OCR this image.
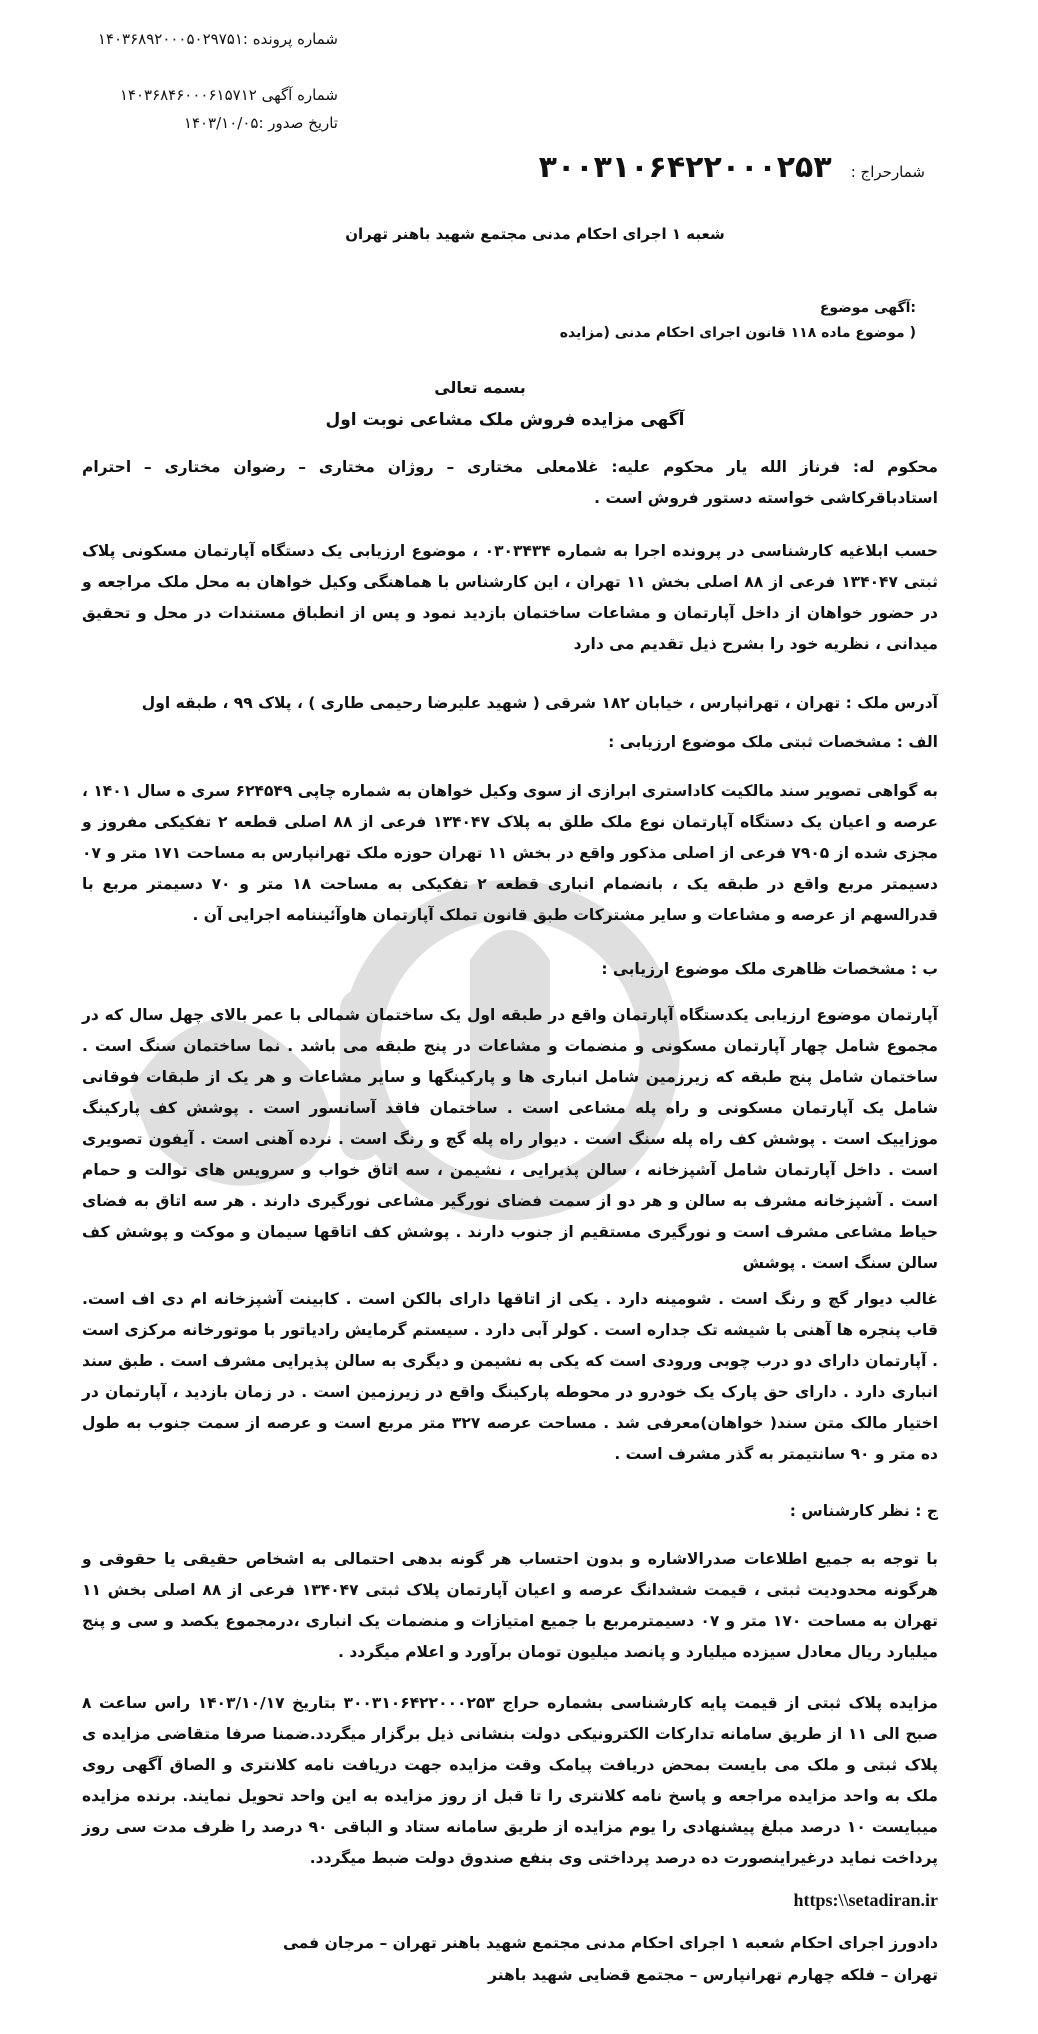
شماره پرونده :۱۴۰۳۶۸۹۲۰۰۰۵۰۲۹۷۵۱
شماره آگهی ۱۴۰۳۶۸۴۶۰۰۰۶۱۵۷۱۲
تاریخ صدور :۱۴۰۳/۱۰/۰۵
شمارحراج : ۳۰۰۳۱۰۶۴۲۲۰۰۰۲۵۳
شعبه ۱ اجرای احکام مدنی مجتمع شهید باهنر تهران
:آگهی موضوع
( موضوع ماده ۱۱۸ قانون اجرای احکام مدنی (مزایده
بسمه تعالی
آگهی مزایده فروش ملک مشاعی نوبت اول
محکوم له: فرناز الله یار محکوم علیه: غلامعلی مختاری – روژان مختاری – رضوان مختاری – احترام استادباقرکاشی خواسته دستور فروش است .
حسب ابلاغیه کارشناسی در پرونده اجرا به شماره ۰۳۰۳۴۳۴ ، موضوع ارزیابی یک دستگاه آپارتمان مسکونی پلاک ثبتی ۱۳۴۰۴۷ فرعی از ۸۸ اصلی بخش ۱۱ تهران ، این کارشناس با هماهنگی وکیل خواهان به محل ملک مراجعه و در حضور خواهان از داخل آپارتمان و مشاعات ساختمان بازدید نمود و پس از انطباق مستندات در محل و تحقیق میدانی ، نظریه خود را بشرح ذیل تقدیم می دارد
آدرس ملک : تهران ، تهرانپارس ، خیابان ۱۸۲ شرقی ( شهید علیرضا رحیمی طاری ) ، پلاک ۹۹ ، طبقه اول
الف : مشخصات ثبتی ملک موضوع ارزیابی :
به گواهی تصویر سند مالکیت کاداستری ابرازی از سوی وکیل خواهان به شماره چاپی ۶۲۴۵۴۹ سری ه سال ۱۴۰۱ ، عرصه و اعیان یک دستگاه آپارتمان نوع ملک طلق به پلاک ۱۳۴۰۴۷ فرعی از ۸۸ اصلی قطعه ۲ تفکیکی مفروز و مجزی شده از ۷۹۰۵ فرعی از اصلی مذکور واقع در بخش ۱۱ تهران حوزه ملک تهرانپارس به مساحت ۱۷۱ متر و ۰۷ دسیمتر مربع واقع در طبقه یک ، بانضمام انباری قطعه ۲ تفکیکی به مساحت ۱۸ متر و ۷۰ دسیمتر مربع با قدرالسهم از عرصه و مشاعات و سایر مشترکات طبق قانون تملک آپارتمان هاوآئیننامه اجرایی آن .
ب : مشخصات ظاهری ملک موضوع ارزیابی :
آپارتمان موضوع ارزیابی یکدستگاه آپارتمان واقع در طبقه اول یک ساختمان شمالی با عمر بالای چهل سال که در مجموع شامل چهار آپارتمان مسکونی و منضمات و مشاعات در پنج طبقه می باشد . نما ساختمان سنگ است . ساختمان شامل پنج طبقه که زیرزمین شامل انباری ها و پارکینگها و سایر مشاعات و هر یک از طبقات فوقانی شامل یک آپارتمان مسکونی و راه پله مشاعی است . ساختمان فاقد آسانسور است . پوشش کف پارکینگ موزاییک است . پوشش کف راه پله سنگ است . دیوار راه پله گچ و رنگ است . نرده آهنی است . آیفون تصویری است . داخل آپارتمان شامل آشپزخانه ، سالن پذیرایی ، نشیمن ، سه اتاق خواب و سرویس های توالت و حمام است . آشپزخانه مشرف به سالن و هر دو از سمت فضای نورگیر مشاعی نورگیری دارند . هر سه اتاق به فضای حیاط مشاعی مشرف است و نورگیری مستقیم از جنوب دارند . پوشش کف اتاقها سیمان و موکت و پوشش کف سالن سنگ است . پوشش
غالب دیوار گچ و رنگ است . شومینه دارد . یکی از اتاقها دارای بالکن است . کابینت آشپزخانه ام دی اف است. قاب پنجره ها آهنی با شیشه تک جداره است . کولر آبی دارد . سیستم گرمایش رادیاتور با موتورخانه مرکزی است . آپارتمان دارای دو درب چوبی ورودی است که یکی به نشیمن و دیگری به سالن پذیرایی مشرف است . طبق سند انباری دارد . دارای حق پارک یک خودرو در محوطه پارکینگ واقع در زیرزمین است . در زمان بازدید ، آپارتمان در اختیار مالک متن سند( خواهان)معرفی شد . مساحت عرصه ۳۲۷ متر مربع است و عرصه از سمت جنوب به طول ده متر و ۹۰ سانتیمتر به گذر مشرف است .
ج : نظر کارشناس :
با توجه به جمیع اطلاعات صدرالاشاره و بدون احتساب هر گونه بدهی احتمالی به اشخاص حقیقی یا حقوقی و هرگونه محدودیت ثبتی ، قیمت ششدانگ عرصه و اعیان آپارتمان پلاک ثبتی ۱۳۴۰۴۷ فرعی از ۸۸ اصلی بخش ۱۱ تهران به مساحت ۱۷۰ متر و ۰۷ دسیمترمربع با جمیع امتیازات و منضمات یک انباری ،درمجموع یکصد و سی و پنج میلیارد ریال معادل سیزده میلیارد و پانصد میلیون تومان برآورد و اعلام میگردد .
مزایده پلاک ثبتی از قیمت پایه کارشناسی بشماره حراج ۳۰۰۳۱۰۶۴۲۲۰۰۰۲۵۳ بتاریخ ۱۴۰۳/۱۰/۱۷ راس ساعت ۸ صبح الی ۱۱ از طریق سامانه تدارکات الکترونیکی دولت بنشانی ذیل برگزار میگردد.ضمنا صرفا متقاضی مزایده ی پلاک ثبتی و ملک می بایست بمحض دریافت پیامک وقت مزایده جهت دریافت نامه کلانتری و الصاق آگهی روی ملک به واحد مزایده مراجعه و پاسخ نامه کلانتری را تا قبل از روز مزایده به این واحد تحویل نمایند. برنده مزایده میبایست ۱۰ درصد مبلغ پیشنهادی را یوم مزایده از طریق سامانه ستاد و الباقی ۹۰ درصد را ظرف مدت سی روز پرداخت نماید درغیراینصورت ده درصد پرداختی وی بنفع صندوق دولت ضبط میگردد.
https:\\setadiran.ir
دادورز اجرای احکام شعبه ۱ اجرای احکام مدنی مجتمع شهید باهنر تهران – مرجان فمی
تهران – فلکه چهارم تهرانپارس – مجتمع قضایی شهید باهنر
